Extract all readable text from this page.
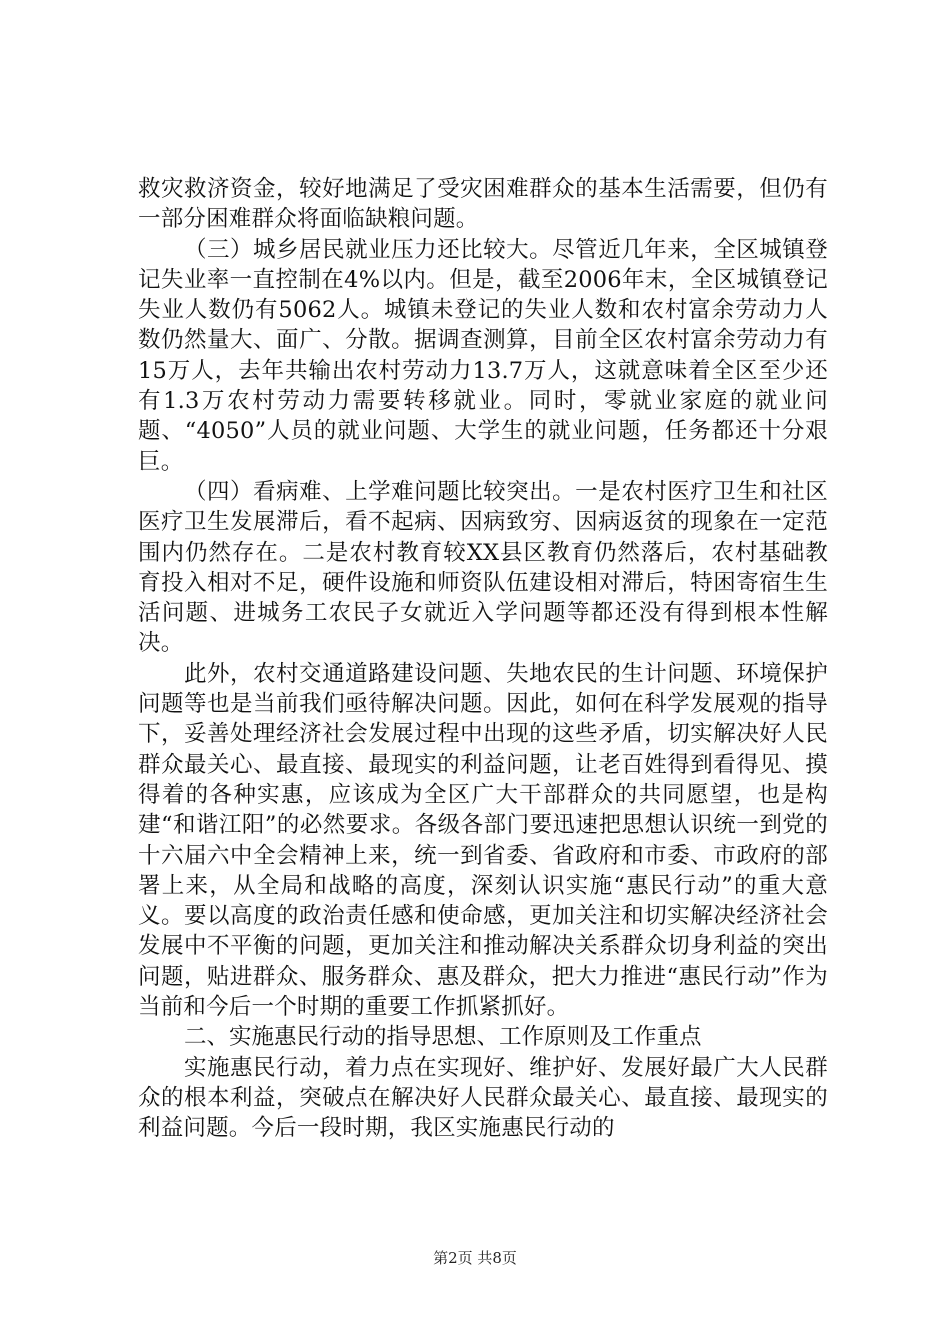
救灾救济资金，较好地满足了受灾困难群众的基本生活需要，但仍有一部分困难群众将面临缺粮问题。

（三）城乡居民就业压力还比较大。尽管近几年来，全区城镇登记失业率一直控制在4%以内。但是，截至2006年末，全区城镇登记失业人数仍有5062人。城镇未登记的失业人数和农村富余劳动力人数仍然量大、面广、分散。据调查测算，目前全区农村富余劳动力有15万人，去年共输出农村劳动力13.7万人，这就意味着全区至少还有1.3万农村劳动力需要转移就业。同时，零就业家庭的就业问题、“4050”人员的就业问题、大学生的就业问题，任务都还十分艰巨。

（四）看病难、上学难问题比较突出。一是农村医疗卫生和社区医疗卫生发展滞后，看不起病、因病致穷、因病返贫的现象在一定范围内仍然存在。二是农村教育较XX县区教育仍然落后，农村基础教育投入相对不足，硬件设施和师资队伍建设相对滞后，特困寄宿生生活问题、进城务工农民子女就近入学问题等都还没有得到根本性解决。

此外，农村交通道路建设问题、失地农民的生计问题、环境保护问题等也是当前我们亟待解决问题。因此，如何在科学发展观的指导下，妥善处理经济社会发展过程中出现的这些矛盾，切实解决好人民群众最关心、最直接、最现实的利益问题，让老百姓得到看得见、摸得着的各种实惠，应该成为全区广大干部群众的共同愿望，也是构建“和谐江阳”的必然要求。各级各部门要迅速把思想认识统一到党的十六届六中全会精神上来，统一到省委、省政府和市委、市政府的部署上来，从全局和战略的高度，深刻认识实施“惠民行动”的重大意义。要以高度的政治责任感和使命感，更加关注和切实解决经济社会发展中不平衡的问题，更加关注和推动解决关系群众切身利益的突出问题，贴进群众、服务群众、惠及群众，把大力推进“惠民行动”作为当前和今后一个时期的重要工作抓紧抓好。

二、实施惠民行动的指导思想、工作原则及工作重点

实施惠民行动，着力点在实现好、维护好、发展好最广大人民群众的根本利益，突破点在解决好人民群众最关心、最直接、最现实的利益问题。今后一段时期，我区实施惠民行动的

第2页 共8页
